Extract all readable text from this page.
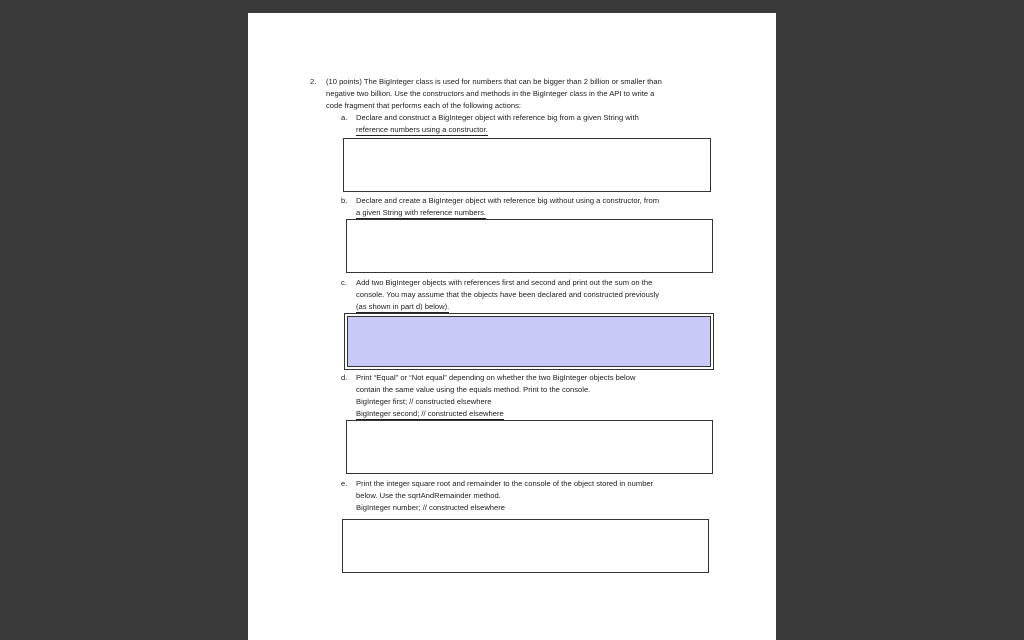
2. (10 points) The BigInteger class is used for numbers that can be bigger than 2 billion or smaller than
negative two billion. Use the constructors and methods in the BigInteger class in the API to write a
code fragment that performs each of the following actions:
a. Declare and construct a BigInteger object with reference big from a given String with
reference numbers using a constructor.
b. Declare and create a BigInteger object with reference big without using a constructor, from
a given String with reference numbers.
c. Add two BigInteger objects with references first and second and print out the sum on the
console. You may assume that the objects have been declared and constructed previously
(as shown in part d) below).
d. Print “Equal” or “Not equal” depending on whether the two BigInteger objects below
contain the same value using the equals method. Print to the console.
BigInteger first; // constructed elsewhere
BigInteger second; // constructed elsewhere
e. Print the integer square root and remainder to the console of the object stored in number
below. Use the sqrtAndRemainder method.
BigInteger number; // constructed elsewhere
